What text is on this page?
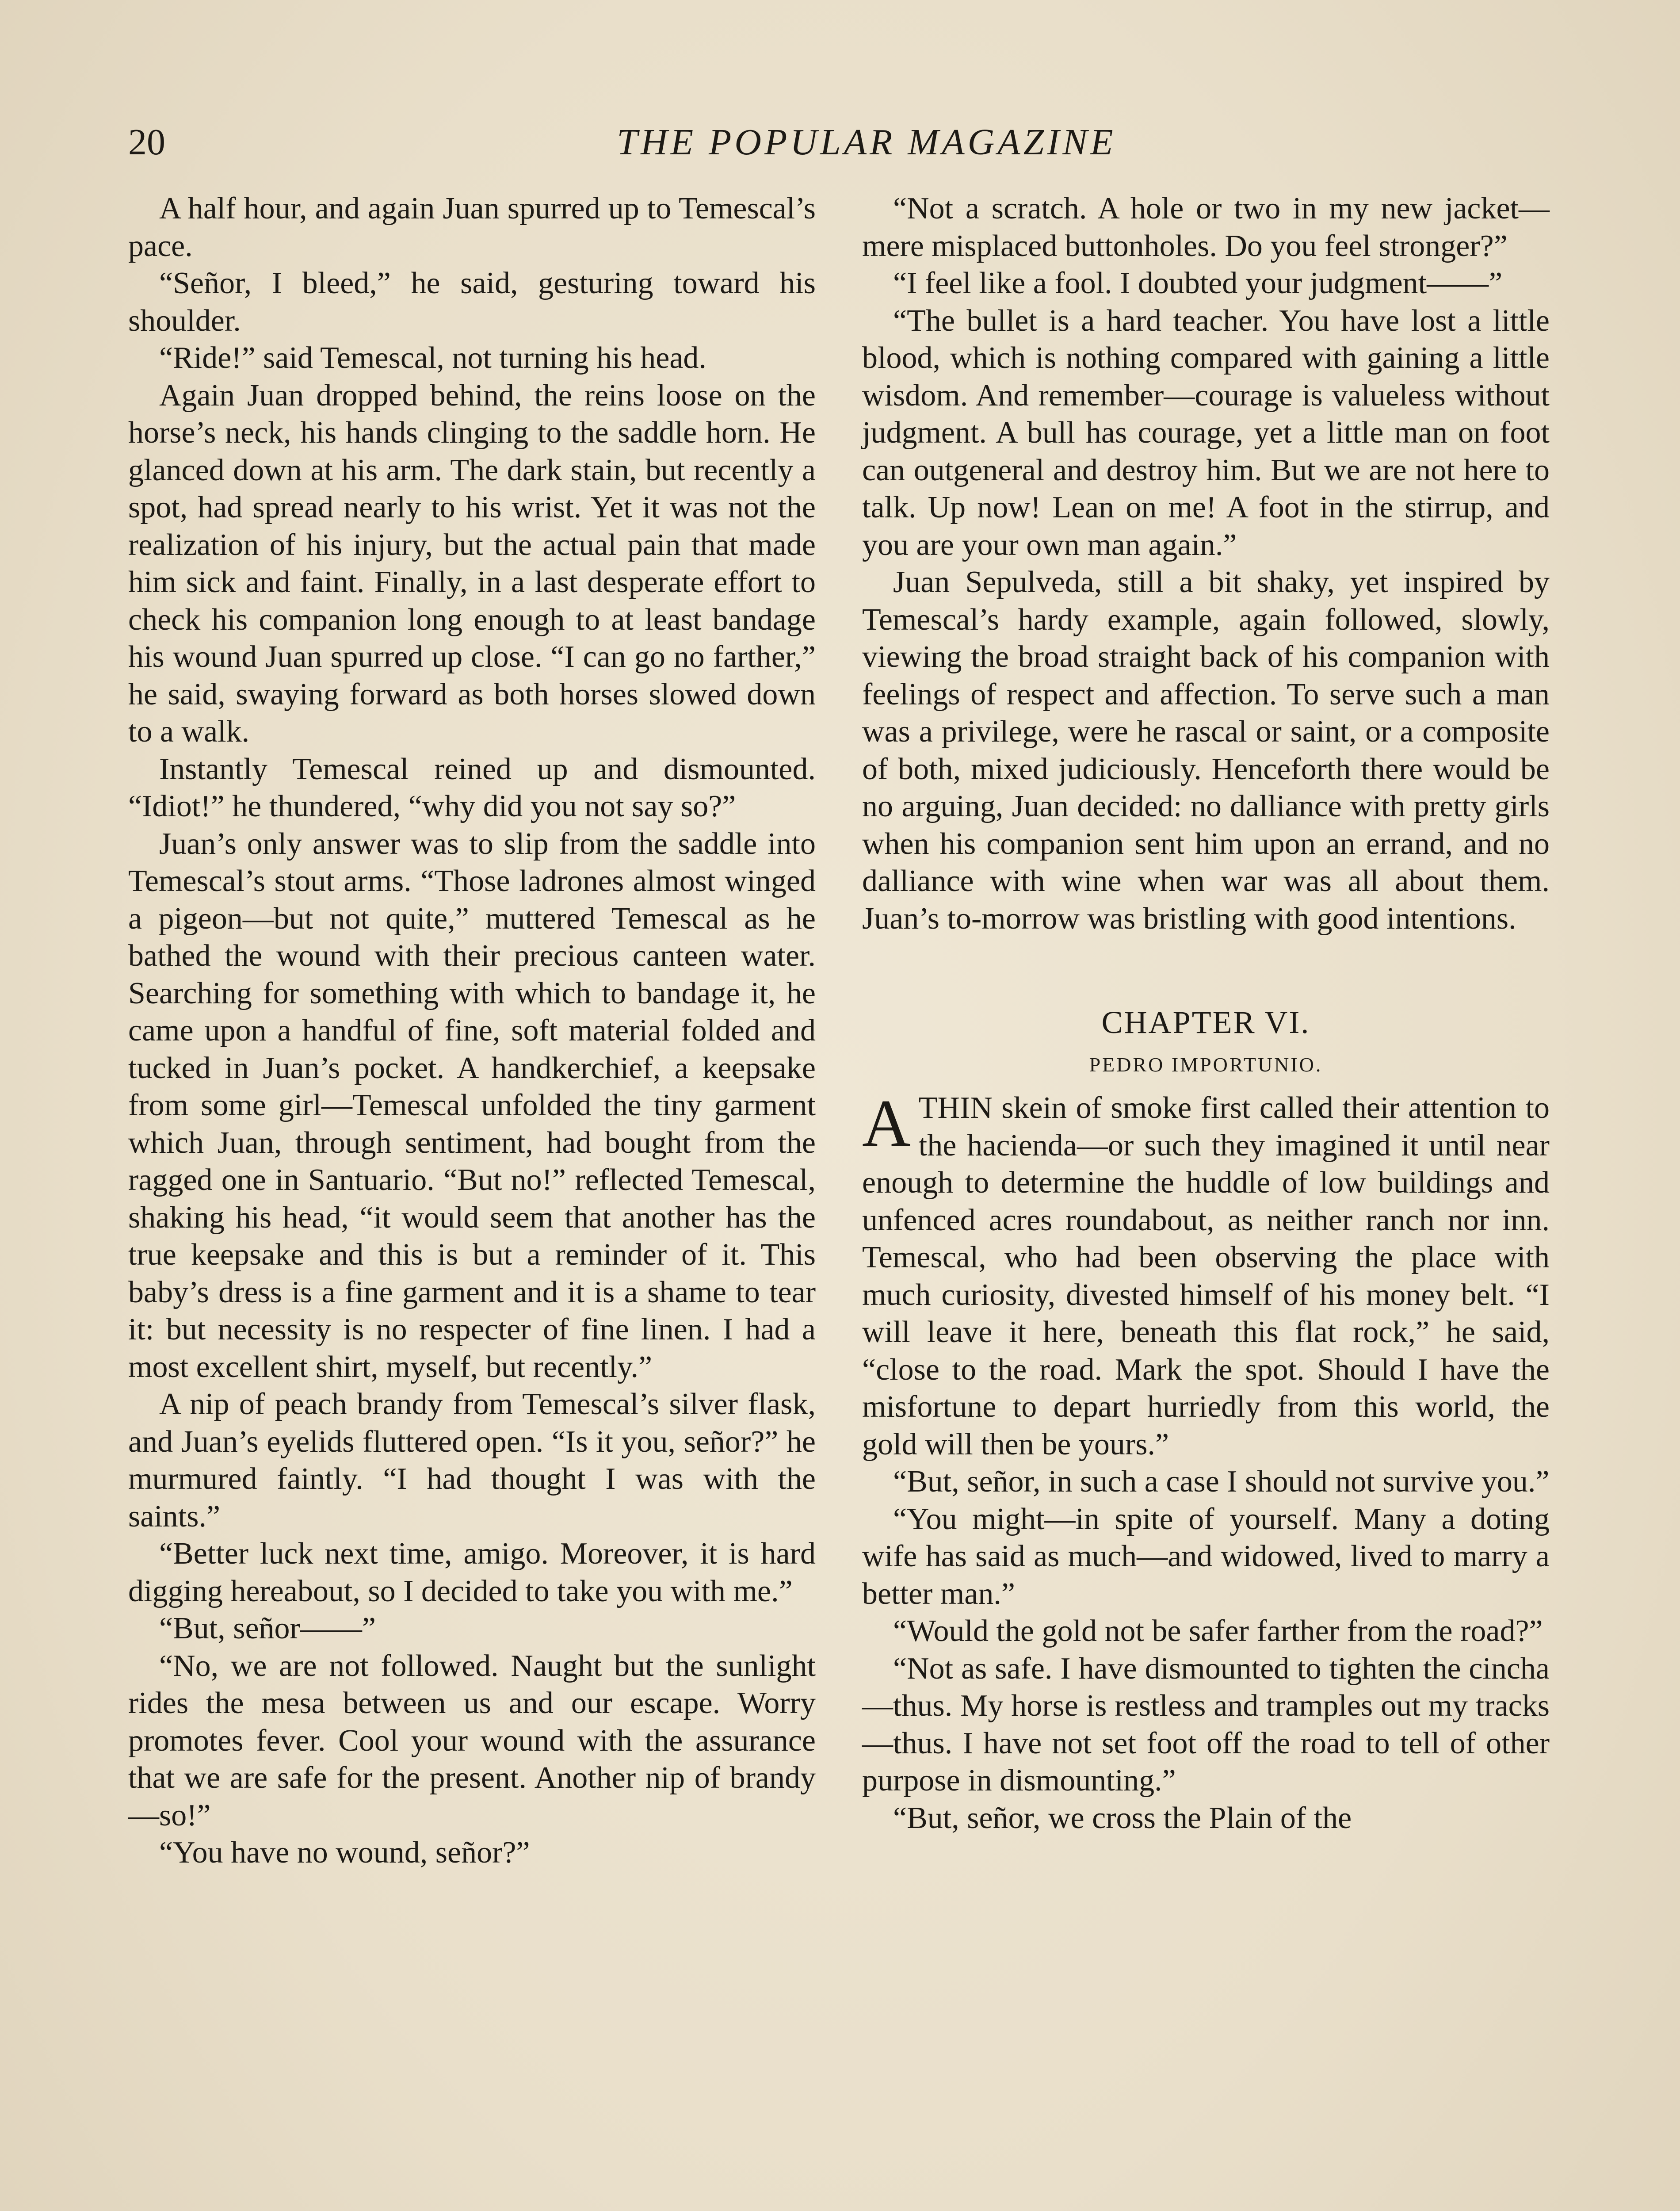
20	THE POPULAR MAGAZINE

A half hour, and again Juan spurred up to Temescal’s pace.

“Señor, I bleed,” he said, gesturing toward his shoulder.

“Ride!” said Temescal, not turning his head.

Again Juan dropped behind, the reins loose on the horse’s neck, his hands clinging to the saddle horn. He glanced down at his arm. The dark stain, but recently a spot, had spread nearly to his wrist. Yet it was not the realization of his injury, but the actual pain that made him sick and faint. Finally, in a last desperate effort to check his companion long enough to at least bandage his wound Juan spurred up close. “I can go no farther,” he said, swaying forward as both horses slowed down to a walk.

Instantly Temescal reined up and dismounted. “Idiot!” he thundered, “why did you not say so?”

Juan’s only answer was to slip from the saddle into Temescal’s stout arms. “Those ladrones almost winged a pigeon—but not quite,” muttered Temescal as he bathed the wound with their precious canteen water. Searching for something with which to bandage it, he came upon a handful of fine, soft material folded and tucked in Juan’s pocket. A handkerchief, a keepsake from some girl—Temescal unfolded the tiny garment which Juan, through sentiment, had bought from the ragged one in Santuario. “But no!” reflected Temescal, shaking his head, “it would seem that another has the true keepsake and this is but a reminder of it. This baby’s dress is a fine garment and it is a shame to tear it: but necessity is no respecter of fine linen. I had a most excellent shirt, myself, but recently.”

A nip of peach brandy from Temescal’s silver flask, and Juan’s eyelids fluttered open. “Is it you, señor?” he murmured faintly. “I had thought I was with the saints.”

“Better luck next time, amigo. Moreover, it is hard digging hereabout, so I decided to take you with me.”

“But, señor——”

“No, we are not followed. Naught but the sunlight rides the mesa between us and our escape. Worry promotes fever. Cool your wound with the assurance that we are safe for the present. Another nip of brandy—so!”

“You have no wound, señor?”

“Not a scratch. A hole or two in my new jacket—mere misplaced buttonholes. Do you feel stronger?”

“I feel like a fool. I doubted your judgment——”

“The bullet is a hard teacher. You have lost a little blood, which is nothing compared with gaining a little wisdom. And remember—courage is valueless without judgment. A bull has courage, yet a little man on foot can outgeneral and destroy him. But we are not here to talk. Up now! Lean on me! A foot in the stirrup, and you are your own man again.”

Juan Sepulveda, still a bit shaky, yet inspired by Temescal’s hardy example, again followed, slowly, viewing the broad straight back of his companion with feelings of respect and affection. To serve such a man was a privilege, were he rascal or saint, or a composite of both, mixed judiciously. Henceforth there would be no arguing, Juan decided: no dalliance with pretty girls when his companion sent him upon an errand, and no dalliance with wine when war was all about them. Juan’s to-morrow was bristling with good intentions.

CHAPTER VI.
PEDRO IMPORTUNIO.

A THIN skein of smoke first called their attention to the hacienda—or such they imagined it until near enough to determine the huddle of low buildings and unfenced acres roundabout, as neither ranch nor inn. Temescal, who had been observing the place with much curiosity, divested himself of his money belt. “I will leave it here, beneath this flat rock,” he said, “close to the road. Mark the spot. Should I have the misfortune to depart hurriedly from this world, the gold will then be yours.”

“But, señor, in such a case I should not survive you.”

“You might—in spite of yourself. Many a doting wife has said as much—and widowed, lived to marry a better man.”

“Would the gold not be safer farther from the road?”

“Not as safe. I have dismounted to tighten the cincha—thus. My horse is restless and tramples out my tracks—thus. I have not set foot off the road to tell of other purpose in dismounting.”

“But, señor, we cross the Plain of the
